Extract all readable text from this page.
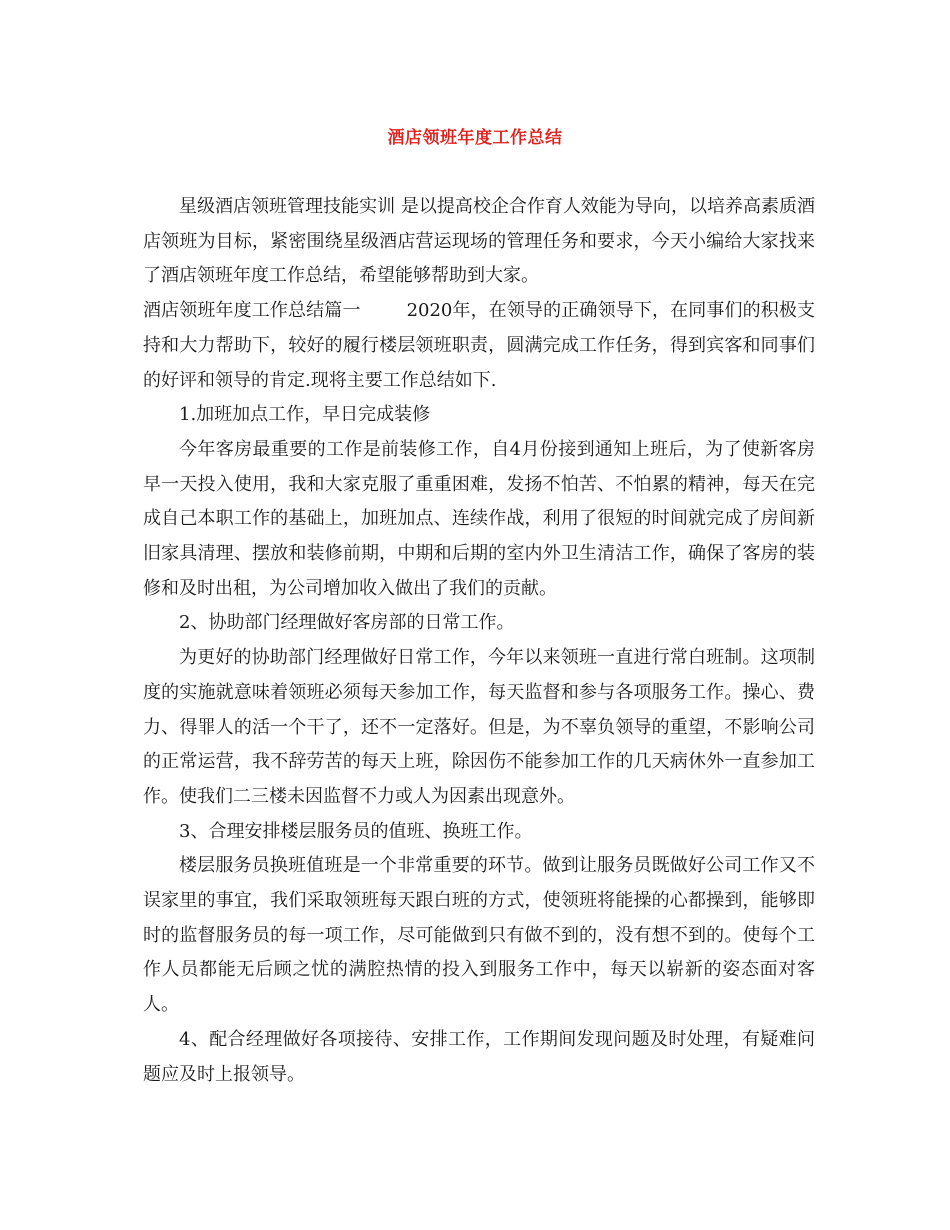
酒店领班年度工作总结

星级酒店领班管理技能实训 是以提高校企合作育人效能为导向，以培养高素质酒店领班为目标，紧密围绕星级酒店营运现场的管理任务和要求，今天小编给大家找来了酒店领班年度工作总结，希望能够帮助到大家。

酒店领班年度工作总结篇一	2020年，在领导的正确领导下，在同事们的积极支持和大力帮助下，较好的履行楼层领班职责，圆满完成工作任务，得到宾客和同事们的好评和领导的肯定.现将主要工作总结如下.

1.加班加点工作，早日完成装修

今年客房最重要的工作是前装修工作，自4月份接到通知上班后，为了使新客房早一天投入使用，我和大家克服了重重困难，发扬不怕苦、不怕累的精神，每天在完成自己本职工作的基础上，加班加点、连续作战，利用了很短的时间就完成了房间新旧家具清理、摆放和装修前期，中期和后期的室内外卫生清洁工作，确保了客房的装修和及时出租，为公司增加收入做出了我们的贡献。

2、协助部门经理做好客房部的日常工作。

为更好的协助部门经理做好日常工作，今年以来领班一直进行常白班制。这项制度的实施就意味着领班必须每天参加工作，每天监督和参与各项服务工作。操心、费力、得罪人的活一个干了，还不一定落好。但是，为不辜负领导的重望，不影响公司的正常运营，我不辞劳苦的每天上班，除因伤不能参加工作的几天病休外一直参加工作。使我们二三楼未因监督不力或人为因素出现意外。

3、合理安排楼层服务员的值班、换班工作。

楼层服务员换班值班是一个非常重要的环节。做到让服务员既做好公司工作又不误家里的事宜，我们采取领班每天跟白班的方式，使领班将能操的心都操到，能够即时的监督服务员的每一项工作，尽可能做到只有做不到的，没有想不到的。使每个工作人员都能无后顾之忧的满腔热情的投入到服务工作中，每天以崭新的姿态面对客人。

4、配合经理做好各项接待、安排工作，工作期间发现问题及时处理，有疑难问题应及时上报领导。
